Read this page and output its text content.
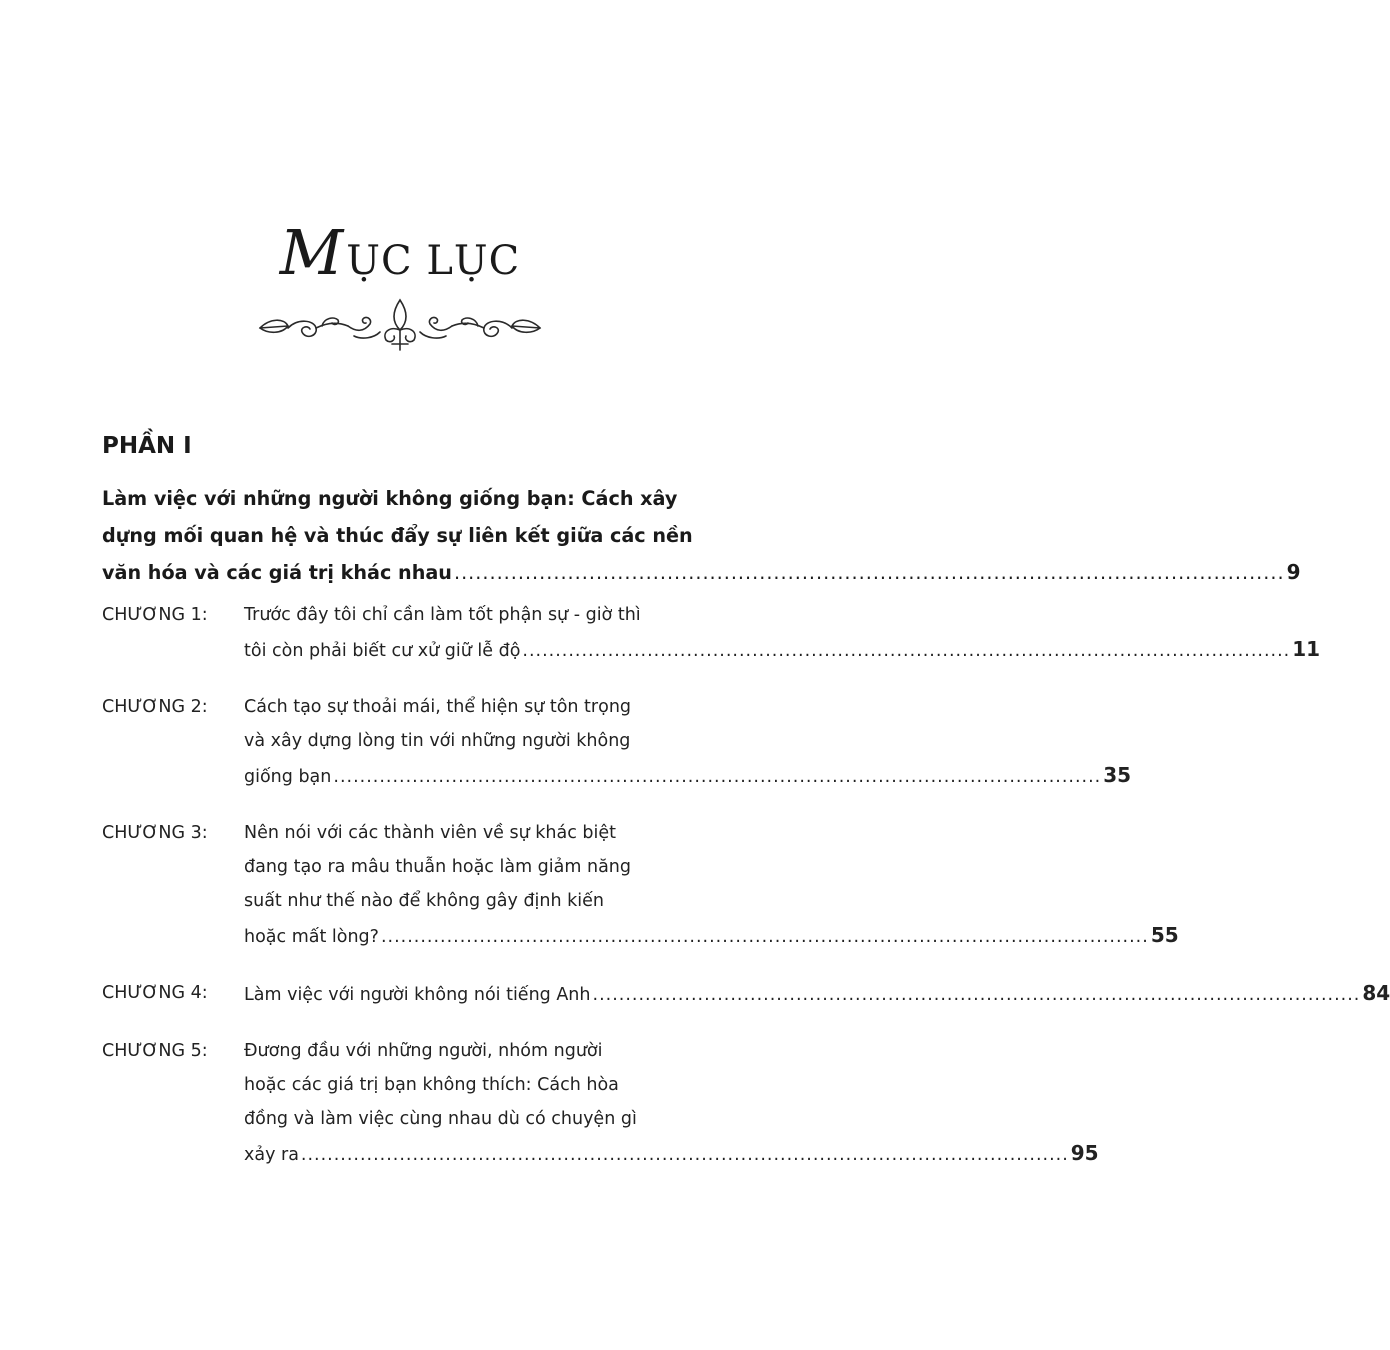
M ỤC LỤC
PHẦN I
Làm việc với những người không giống bạn: Cách xây
dựng mối quan hệ và thúc đẩy sự liên kết giữa các nền
văn hóa và các giá trị khác nhau ..................................................................................................................... 9
CHƯƠNG 1:	Trước đây tôi chỉ cần làm tốt phận sự - giờ thì
tôi còn phải biết cư xử giữ lễ độ ..................................................................................................................... 11
CHƯƠNG 2:	Cách tạo sự thoải mái, thể hiện sự tôn trọng
và xây dựng lòng tin với những người không
giống bạn ..................................................................................................................... 35
CHƯƠNG 3:	Nên nói với các thành viên về sự khác biệt
đang tạo ra mâu thuẫn hoặc làm giảm năng
suất như thế nào để không gây định kiến
hoặc mất lòng? ..................................................................................................................... 55
CHƯƠNG 4:	Làm việc với người không nói tiếng Anh ..................................................................................................................... 84
CHƯƠNG 5:	Đương đầu với những người, nhóm người
hoặc các giá trị bạn không thích: Cách hòa
đồng và làm việc cùng nhau dù có chuyện gì
xảy ra ..................................................................................................................... 95
